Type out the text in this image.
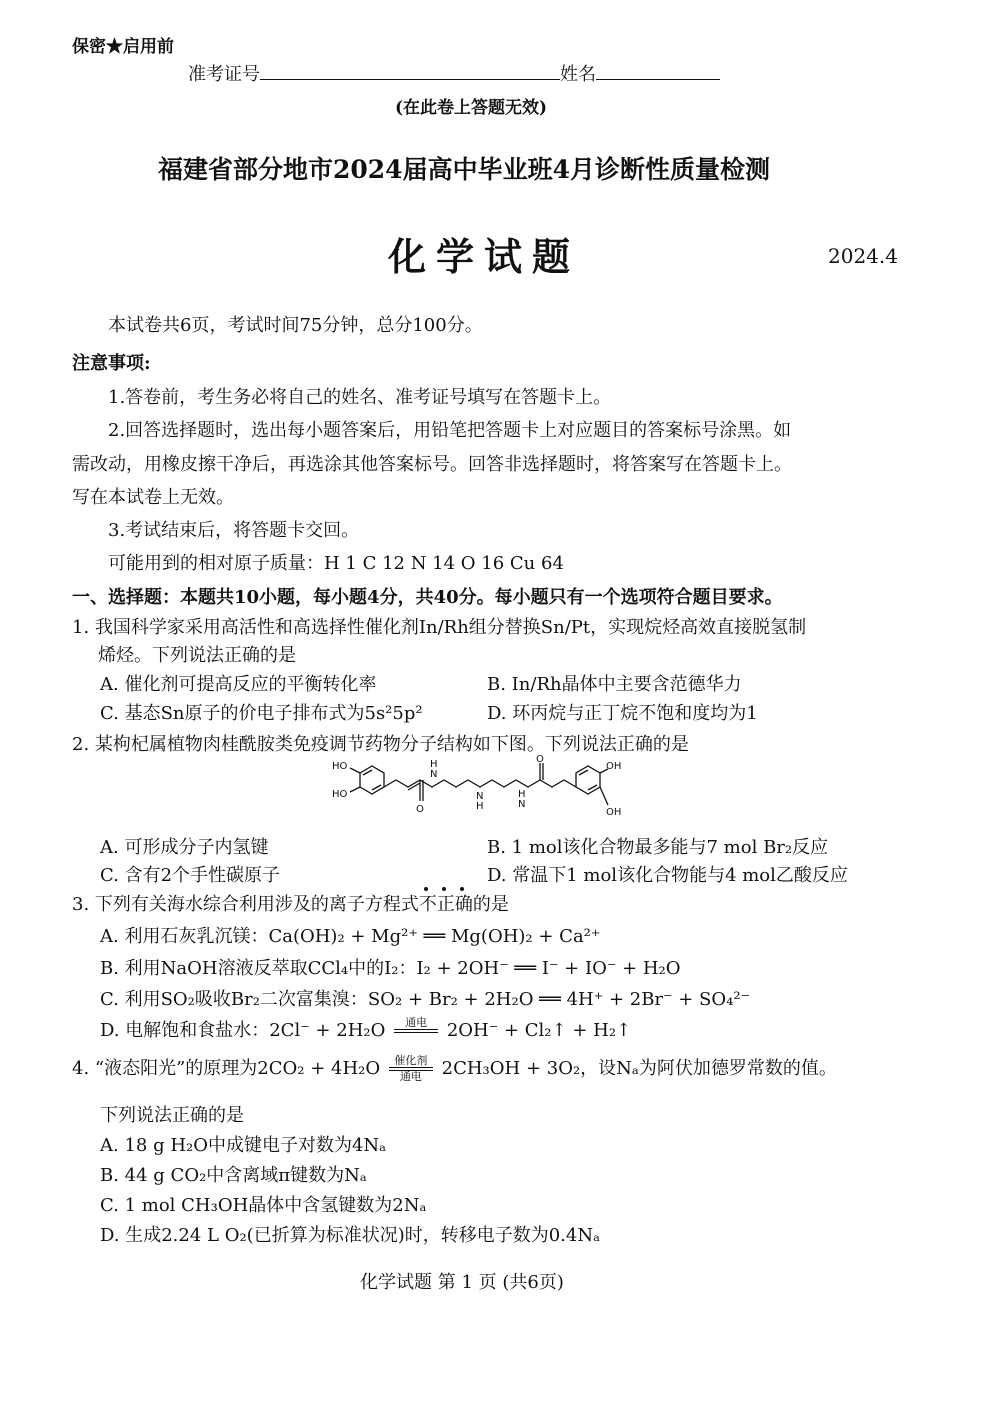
保密★启用前
准考证号	姓名
(在此卷上答题无效)
福建省部分地市2024届高中毕业班4月诊断性质量检测
化学试题	2024.4
本试卷共6页，考试时间75分钟，总分100分。
注意事项:
1.答卷前，考生务必将自己的姓名、准考证号填写在答题卡上。
2.回答选择题时，选出每小题答案后，用铅笔把答题卡上对应题目的答案标号涂黑。如
需改动，用橡皮擦干净后，再选涂其他答案标号。回答非选择题时，将答案写在答题卡上。
写在本试卷上无效。
3.考试结束后，将答题卡交回。
可能用到的相对原子质量：H 1 C 12 N 14 O 16 Cu 64
一、选择题：本题共10小题，每小题4分，共40分。每小题只有一个选项符合题目要求。
1. 我国科学家采用高活性和高选择性催化剂In/Rh组分替换Sn/Pt，实现烷烃高效直接脱氢制
烯烃。下列说法正确的是
A. 催化剂可提高反应的平衡转化率	B. In/Rh晶体中主要含范德华力
C. 基态Sn原子的价电子排布式为5s²5p²	D. 环丙烷与正丁烷不饱和度均为1
2. 某枸杞属植物肉桂酰胺类免疫调节药物分子结构如下图。下列说法正确的是
HO
HO
O
H
N
N
H
H
N
O
OH
OH
A. 可形成分子内氢键	B. 1 mol该化合物最多能与7 mol Br₂反应
C. 含有2个手性碳原子	D. 常温下1 mol该化合物能与4 mol乙酸反应
3. 下列有关海水综合利用涉及的离子方程式不正确
的是
A. 利用石灰乳沉镁：Ca(OH)₂ + Mg²⁺ ══ Mg(OH)₂ + Ca²⁺
B. 利用NaOH溶液反萃取CCl₄中的I₂：I₂ + 2OH⁻ ══ I⁻ + IO⁻ + H₂O
C. 利用SO₂吸收Br₂二次富集溴：SO₂ + Br₂ + 2H₂O ══ 4H⁺ + 2Br⁻ + SO₄²⁻
D. 电解饱和食盐水：2Cl⁻ + 2H₂O 通电 2OH⁻ + Cl₂↑ + H₂↑
4. “液态阳光”的原理为2CO₂ + 4H₂O 催化剂
通电 2CH₃OH + 3O₂，设Nₐ为阿伏加德罗常数的值。
下列说法正确的是
A. 18 g H₂O中成键电子对数为4Nₐ
B. 44 g CO₂中含离域π键数为Nₐ
C. 1 mol CH₃OH晶体中含氢键数为2Nₐ
D. 生成2.24 L O₂(已折算为标准状况)时，转移电子数为0.4Nₐ
化学试题 第 1 页 (共6页)
